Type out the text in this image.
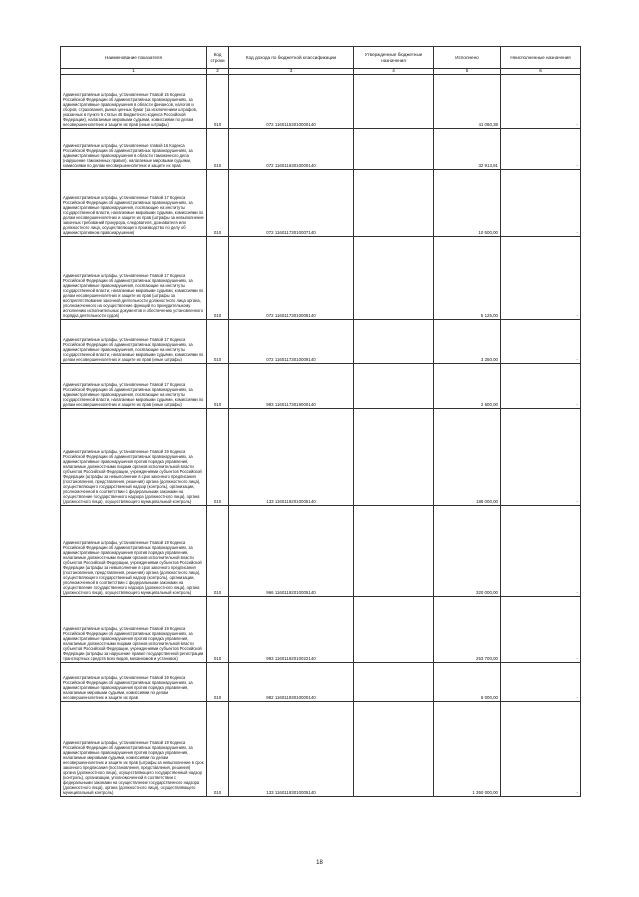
Наименование показателя	Код строки	Код дохода по бюджетной классификации	Утвержденные бюджетные назначения	Исполнено	Неисполненные назначения
1	2	3	4	5	6
Административные штрафы, установленные Главой 15 Кодекса Российской Федерации об административных правонарушениях, за административные правонарушения в области финансов, налогов и сборов, страхования, рынка ценных бумаг (за исключением штрафов, указанных в пункте 6 статьи 46 Бюджетного кодекса Российской Федерации), налагаемые мировыми судьями, комиссиями по делам несовершеннолетних и защите их прав (иные штрафы)	010	072 11601153010000140		41 060,38	-
Административные штрафы, установленные главой 16 Кодекса Российской Федерации об административных правонарушениях, за административные правонарушения в области таможенного дела (нарушение таможенных правил), налагаемые мировыми судьями, комиссиями по делам несовершеннолетних и защите их прав	010	072 11601163010000140		32 913,91	-
Административные штрафы, установленные Главой 17 Кодекса Российской Федерации об административных правонарушениях, за административные правонарушения, посягающие на институты государственной власти, налагаемые мировыми судьями, комиссиями по делам несовершеннолетних и защите их прав (штрафы за невыполнение законных требований прокурора, следователя, дознавателя или должностного лица, осуществляющего производство по делу об административном правонарушении)	010	072 11601173010007140		10 500,00	-
Административные штрафы, установленные Главой 17 Кодекса Российской Федерации об административных правонарушениях, за административные правонарушения, посягающие на институты государственной власти, налагаемые мировыми судьями, комиссиями по делам несовершеннолетних и защите их прав (штрафы за воспрепятствование законной деятельности должностного лица органа, уполномоченного на осуществление функций по принудительному исполнению исполнительных документов и обеспечению установленного порядка деятельности судов)	010	072 11601173010008140		5 125,00	-
Административные штрафы, установленные Главой 17 Кодекса Российской Федерации об административных правонарушениях, за административные правонарушения, посягающие на институты государственной власти, налагаемые мировыми судьями, комиссиями по делам несовершеннолетних и защите их прав (иные штрафы)	010	072 11601173010009140		3 250,00	-
Административные штрафы, установленные Главой 17 Кодекса Российской Федерации об административных правонарушениях, за административные правонарушения, посягающие на институты государственной власти, налагаемые мировыми судьями, комиссиями по делам несовершеннолетних и защите их прав (иные штрафы)	010	993 11601173019000140		2 600,00	-
Административные штрафы, установленные Главой 19 Кодекса Российской Федерации об административных правонарушениях, за административные правонарушения против порядка управления, налагаемые должностными лицами органов исполнительной власти субъектов Российской Федерации, учреждениями субъектов Российской Федерации (штрафы за невыполнение в срок законного предписания (постановления, представления, решения) органа (должностного лица), осуществляющего государственный надзор (контроль), организации, уполномоченной в соответствии с федеральными законами на осуществление государственного надзора (должностного лица), органа (должностного лица), осуществляющего муниципальный контроль)	010	133 11601192010005140		186 000,00	-
Административные штрафы, установленные Главой 19 Кодекса Российской Федерации об административных правонарушениях, за административные правонарушения против порядка управления, налагаемые должностными лицами органов исполнительной власти субъектов Российской Федерации, учреждениями субъектов Российской Федерации (штрафы за невыполнение в срок законного предписания (постановления, представления, решения) органа (должностного лица), осуществляющего государственный надзор (контроль), организации, уполномоченной в соответствии с федеральными законами на осуществление государственного надзора (должностного лица), органа (должностного лица), осуществляющего муниципальный контроль)	010	966 11601192010005140		320 000,00	-
Административные штрафы, установленные Главой 19 Кодекса Российской Федерации об административных правонарушениях, за административные правонарушения против порядка управления, налагаемые должностными лицами органов исполнительной власти субъектов Российской Федерации, учреждениями субъектов Российской Федерации (штрафы за нарушение правил государственной регистрации транспортных средств всех видов, механизмов и установок)	010	993 11601192010022140		253 700,00	-
Административные штрафы, установленные Главой 19 Кодекса Российской Федерации об административных правонарушениях, за административные правонарушения против порядка управления, налагаемые мировыми судьями, комиссиями по делам несовершеннолетних и защите их прав	010	982 11601193010000140		6 000,00	-
Административные штрафы, установленные Главой 19 Кодекса Российской Федерации об административных правонарушениях, за административные правонарушения против порядка управления, налагаемые мировыми судьями, комиссиями по делам несовершеннолетних и защите их прав (штрафы за невыполнение в срок законного предписания (постановления, представления, решения) органа (должностного лица), осуществляющего государственный надзор (контроль), организации, уполномоченной в соответствии с федеральными законами на осуществление государственного надзора (должностного лица), органа (должностного лица), осуществляющего муниципальный контроль)	010	133 11601193010005140		1 350 000,00	-
18
